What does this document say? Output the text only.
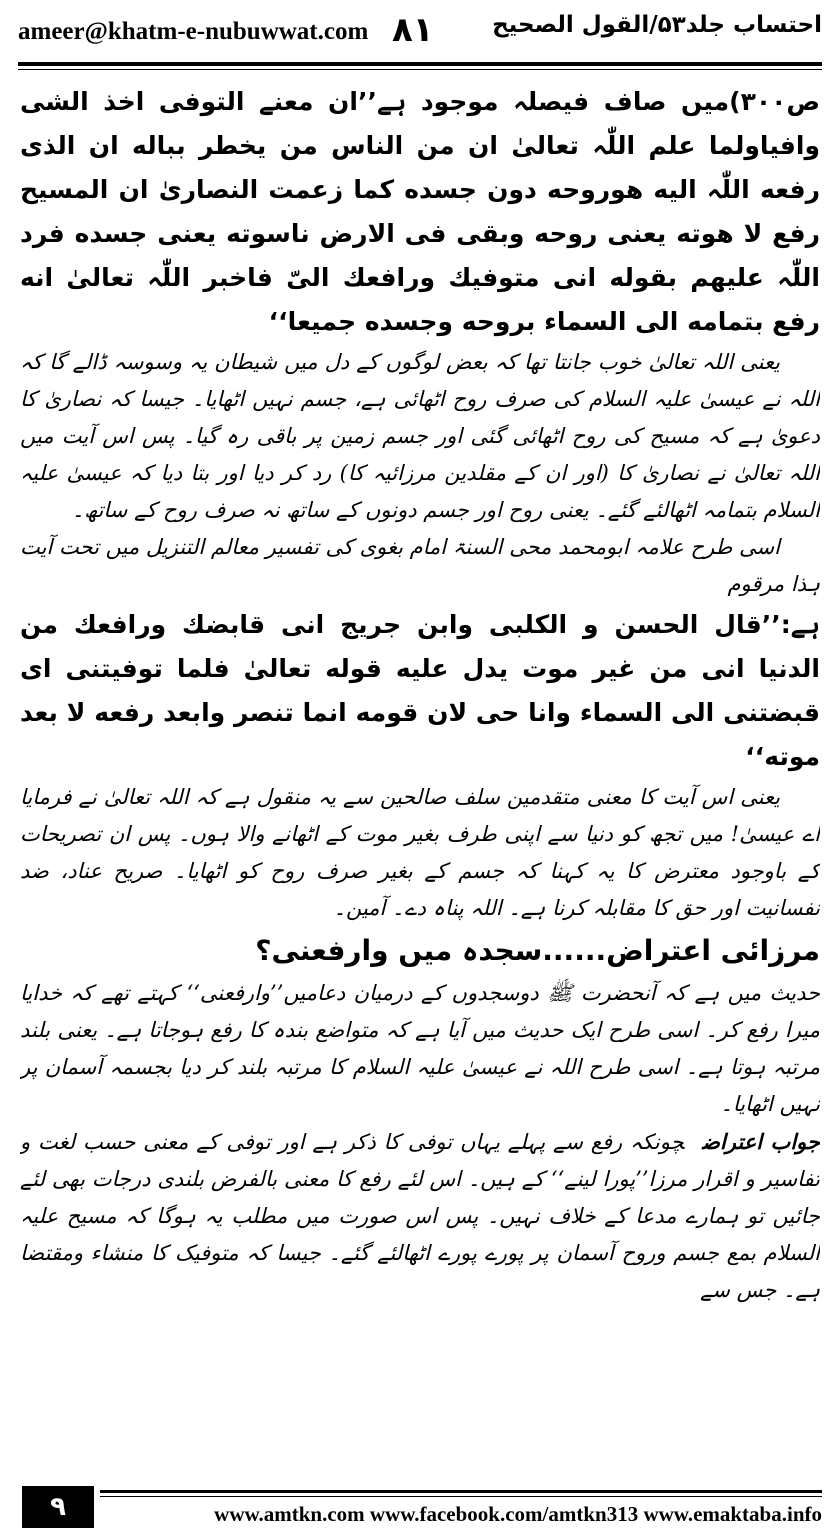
ameer@khatm-e-nubuwwat.com ٨١	احتساب جلد۵۳/القول الصحیح

ص۳۰۰)میں صاف فیصلہ موجود ہے’’ان معنے التوفی اخذ الشی وافیاولما علم اللّٰہ تعالیٰ ان من الناس من یخطر بباله ان الذی رفعه اللّٰہ الیه هوروحه دون جسده کما زعمت النصاریٰ ان المسیح رفع لا هوته یعنی روحه وبقی فی الارض ناسوته یعنی جسده فرد اللّٰہ علیهم بقوله انی متوفیك ورافعك الیّ فاخبر اللّٰہ تعالیٰ انه رفع بتمامه الی السماء بروحه وجسده جمیعا‘‘

یعنی اللہ تعالیٰ خوب جانتا تھا کہ بعض لوگوں کے دل میں شیطان یہ وسوسہ ڈالے گا کہ اللہ نے عیسیٰ علیہ السلام کی صرف روح اٹھائی ہے، جسم نہیں اٹھایا۔ جیسا کہ نصاریٰ کا دعویٰ ہے کہ مسیح کی روح اٹھائی گئی اور جسم زمین پر باقی رہ گیا۔ پس اس آیت میں اللہ تعالیٰ نے نصاریٰ کا (اور ان کے مقلدین مرزائیہ کا) رد کر دیا اور بتا دیا کہ عیسیٰ علیہ السلام بتمامہ اٹھالئے گئے۔ یعنی روح اور جسم دونوں کے ساتھ نہ صرف روح کے ساتھ۔

اسی طرح علامہ ابومحمد محی السنۃ امام بغوی کی تفسیر معالم التنزیل میں تحت آیت ہذا مرقوم

ہے:’’قال الحسن و الكلبی وابن جریج انی قابضك ورافعك من الدنیا انی من غیر موت یدل علیه قوله تعالیٰ فلما توفیتنی ای قبضتنی الی السماء وانا حی لان قومه انما تنصر وابعد رفعه لا بعد موته‘‘

یعنی اس آیت کا معنی متقدمین سلف صالحین سے یہ منقول ہے کہ اللہ تعالیٰ نے فرمایا اے عیسیٰ! میں تجھ کو دنیا سے اپنی طرف بغیر موت کے اٹھانے والا ہوں۔ پس ان تصریحات کے باوجود معترض کا یہ کہنا کہ جسم کے بغیر صرف روح کو اٹھایا۔ صریح عناد، ضد نفسانیت اور حق کا مقابلہ کرنا ہے۔ اللہ پناہ دے۔ آمین۔

مرزائی اعتراض......سجدہ میں وارفعنی؟

حدیث میں ہے کہ آنحضرت ﷺ دوسجدوں کے درمیان دعامیں’’وارفعنی‘‘ کہتے تھے کہ خدایا میرا رفع کر۔ اسی طرح ایک حدیث میں آیا ہے کہ متواضع بندہ کا رفع ہوجاتا ہے۔ یعنی بلند مرتبہ ہوتا ہے۔ اسی طرح اللہ نے عیسیٰ علیہ السلام کا مرتبہ بلند کر دیا بجسمہ آسمان پر نہیں اٹھایا۔

جواب اعتراضچونکہ رفع سے پہلے یہاں توفی کا ذکر ہے اور توفی کے معنی حسب لغت و تفاسیر و اقرار مرزا’’پورا لینے‘‘ کے ہیں۔ اس لئے رفع کا معنی بالفرض بلندی درجات بھی لئے جائیں تو ہمارے مدعا کے خلاف نہیں۔ پس اس صورت میں مطلب یہ ہوگا کہ مسیح علیہ السلام بمع جسم وروح آسمان پر پورے پورے اٹھالئے گئے۔ جیسا کہ متوفیک کا منشاء ومقتضا ہے۔ جس سے

۹	www.amtkn.com www.facebook.com/amtkn313 www.emaktaba.info
